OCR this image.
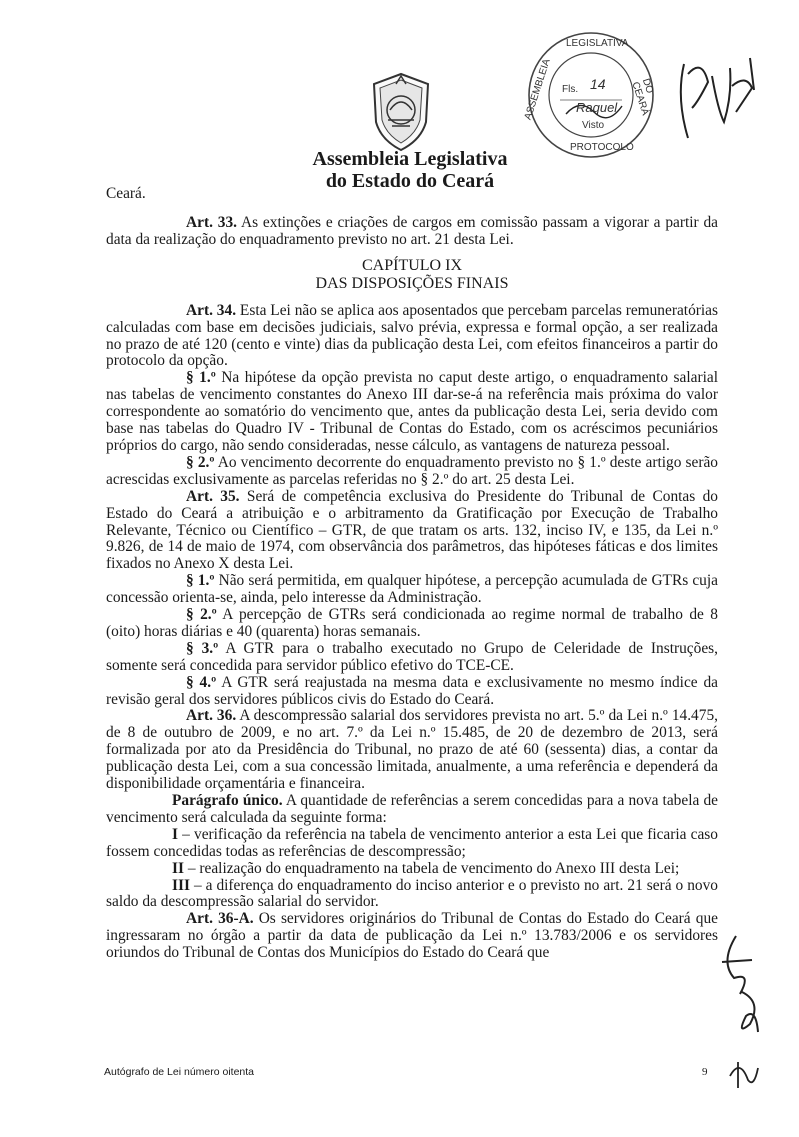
Assembleia Legislativa
do Estado do Ceará
LEGISLATIVA
ASSEMBLEIA	DO CEARÁ
PROTOCOLO
Fls. 14
Raquel
Visto

Ceará.

Art. 33. As extinções e criações de cargos em comissão passam a vigorar a partir da data da realização do enquadramento previsto no art. 21 desta Lei.

CAPÍTULO IX
DAS DISPOSIÇÕES FINAIS

Art. 34. Esta Lei não se aplica aos aposentados que percebam parcelas remuneratórias calculadas com base em decisões judiciais, salvo prévia, expressa e formal opção, a ser realizada no prazo de até 120 (cento e vinte) dias da publicação desta Lei, com efeitos financeiros a partir do protocolo da opção.

§ 1.º Na hipótese da opção prevista no caput deste artigo, o enquadramento salarial nas tabelas de vencimento constantes do Anexo III dar-se-á na referência mais próxima do valor correspondente ao somatório do vencimento que, antes da publicação desta Lei, seria devido com base nas tabelas do Quadro IV - Tribunal de Contas do Estado, com os acréscimos pecuniários próprios do cargo, não sendo consideradas, nesse cálculo, as vantagens de natureza pessoal.

§ 2.º Ao vencimento decorrente do enquadramento previsto no § 1.º deste artigo serão acrescidas exclusivamente as parcelas referidas no § 2.º do art. 25 desta Lei.

Art. 35. Será de competência exclusiva do Presidente do Tribunal de Contas do Estado do Ceará a atribuição e o arbitramento da Gratificação por Execução de Trabalho Relevante, Técnico ou Científico – GTR, de que tratam os arts. 132, inciso IV, e 135, da Lei n.º 9.826, de 14 de maio de 1974, com observância dos parâmetros, das hipóteses fáticas e dos limites fixados no Anexo X desta Lei.

§ 1.º Não será permitida, em qualquer hipótese, a percepção acumulada de GTRs cuja concessão orienta-se, ainda, pelo interesse da Administração.

§ 2.º A percepção de GTRs será condicionada ao regime normal de trabalho de 8 (oito) horas diárias e 40 (quarenta) horas semanais.

§ 3.º A GTR para o trabalho executado no Grupo de Celeridade de Instruções, somente será concedida para servidor público efetivo do TCE-CE.

§ 4.º A GTR será reajustada na mesma data e exclusivamente no mesmo índice da revisão geral dos servidores públicos civis do Estado do Ceará.

Art. 36. A descompressão salarial dos servidores prevista no art. 5.º da Lei n.º 14.475, de 8 de outubro de 2009, e no art. 7.º da Lei n.º 15.485, de 20 de dezembro de 2013, será formalizada por ato da Presidência do Tribunal, no prazo de até 60 (sessenta) dias, a contar da publicação desta Lei, com a sua concessão limitada, anualmente, a uma referência e dependerá da disponibilidade orçamentária e financeira.

Parágrafo único. A quantidade de referências a serem concedidas para a nova tabela de vencimento será calculada da seguinte forma:

I – verificação da referência na tabela de vencimento anterior a esta Lei que ficaria caso fossem concedidas todas as referências de descompressão;

II – realização do enquadramento na tabela de vencimento do Anexo III desta Lei;

III – a diferença do enquadramento do inciso anterior e o previsto no art. 21 será o novo saldo da descompressão salarial do servidor.

Art. 36-A. Os servidores originários do Tribunal de Contas do Estado do Ceará que ingressaram no órgão a partir da data de publicação da Lei n.º 13.783/2006 e os servidores oriundos do Tribunal de Contas dos Municípios do Estado do Ceará que

Autógrafo de Lei número oitenta	9
